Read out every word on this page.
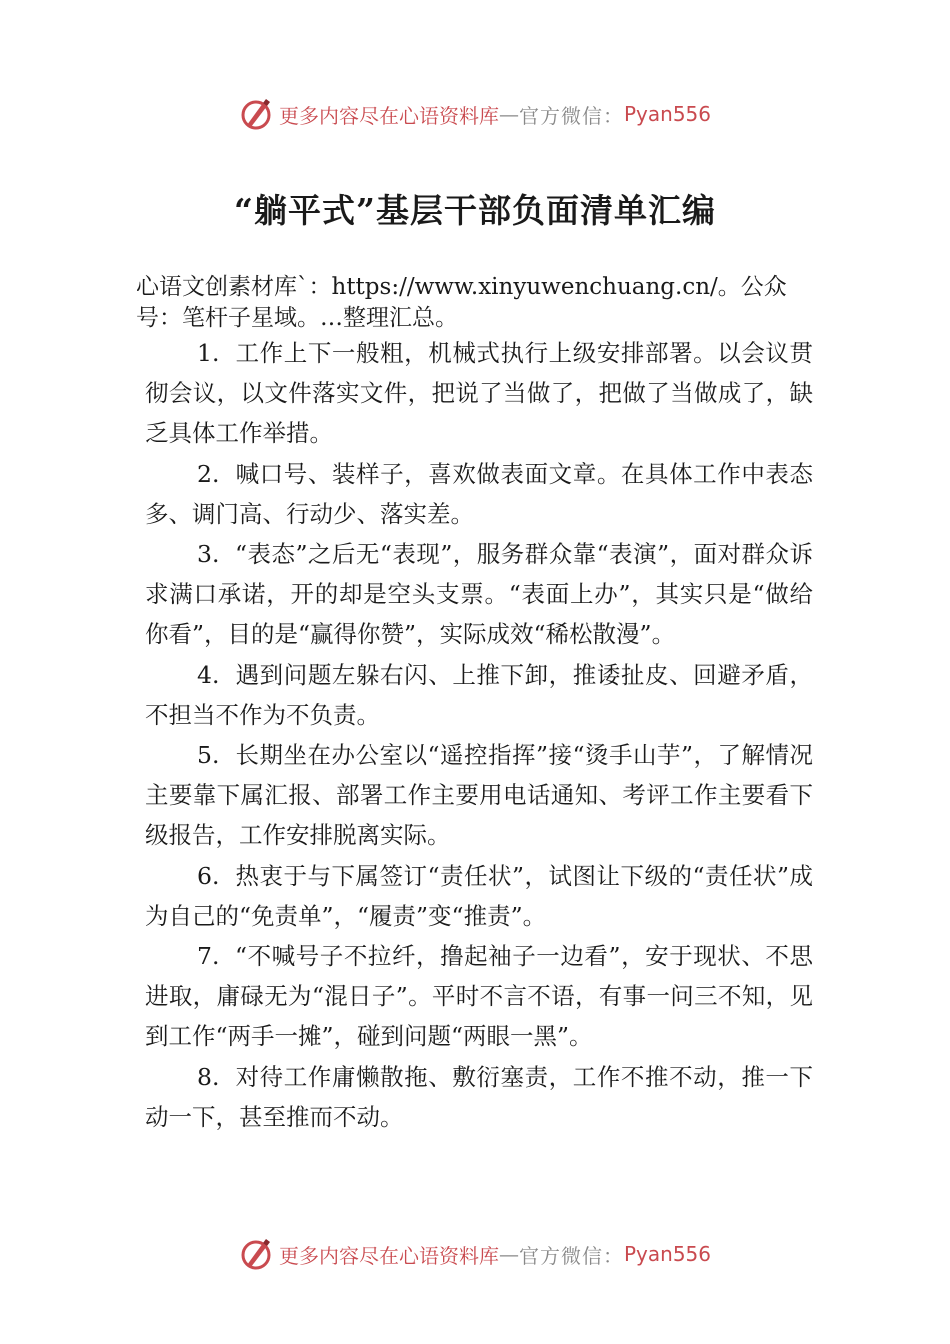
更多内容尽在心语资料库 — 官方微信： Pyan556
“躺平式”基层干部负面清单汇编
心语文创素材库`：https://www.xinyuwenchuang.cn/。公众号：笔杆子星域。…整理汇总。

1. 工作上下一般粗，机械式执行上级安排部署。以会议贯彻会议，以文件落实文件，把说了当做了，把做了当做成了，缺乏具体工作举措。

2. 喊口号、装样子，喜欢做表面文章。在具体工作中表态多、调门高、行动少、落实差。

3. “表态”之后无“表现”，服务群众靠“表演”，面对群众诉求满口承诺，开的却是空头支票。“表面上办”，其实只是“做给你看”，目的是“赢得你赞”，实际成效“稀松散漫”。

4. 遇到问题左躲右闪、上推下卸，推诿扯皮、回避矛盾，不担当不作为不负责。

5. 长期坐在办公室以“遥控指挥”接“烫手山芋”，了解情况主要靠下属汇报、部署工作主要用电话通知、考评工作主要看下级报告，工作安排脱离实际。

6. 热衷于与下属签订“责任状”，试图让下级的“责任状”成为自己的“免责单”，“履责”变“推责”。

7. “不喊号子不拉纤，撸起袖子一边看”，安于现状、不思进取，庸碌无为“混日子”。平时不言不语，有事一问三不知，见到工作“两手一摊”，碰到问题“两眼一黑”。

8. 对待工作庸懒散拖、敷衍塞责，工作不推不动，推一下动一下，甚至推而不动。

更多内容尽在心语资料库 — 官方微信： Pyan556
